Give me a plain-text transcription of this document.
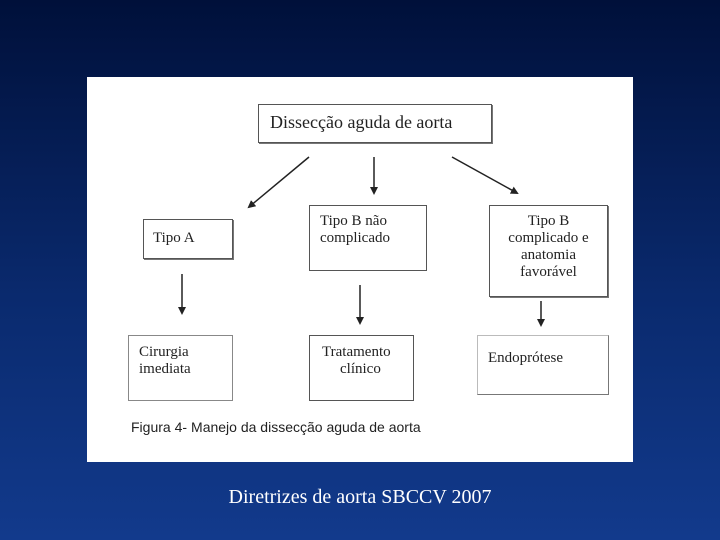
Dissecção aguda de aorta
Tipo A
Tipo B não
complicado
Tipo B
complicado e
anatomia
favorável
Cirurgia
imediata
Tratamento
clínico
Endoprótese
Figura 4- Manejo da dissecção aguda de aorta
Diretrizes de aorta SBCCV 2007
